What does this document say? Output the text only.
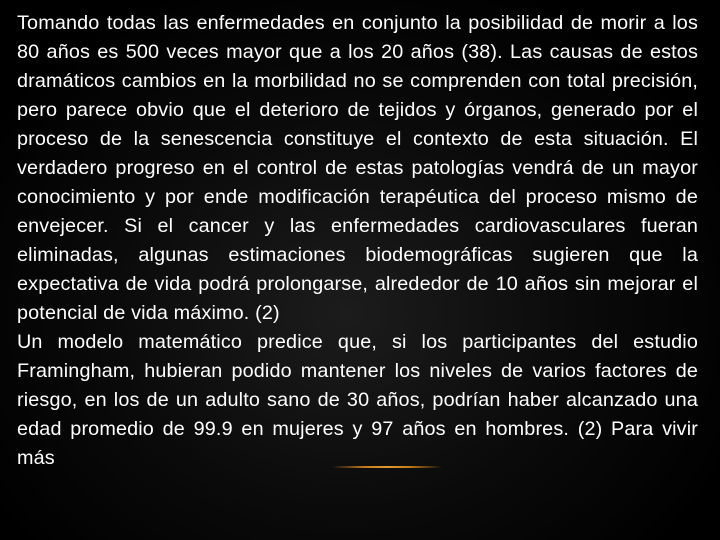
Tomando todas las enfermedades en conjunto la posibilidad de morir a los 80 años es 500 veces mayor que a los 20 años (38). Las causas de estos dramáticos cambios en la morbilidad no se comprenden con total precisión, pero parece obvio que el deterioro de tejidos y órganos, generado por el proceso de la senescencia constituye el contexto de esta situación. El verdadero progreso en el control de estas patologías vendrá de un mayor conocimiento y por ende modificación terapéutica del proceso mismo de envejecer. Si el cancer y las enfermedades cardiovasculares fueran eliminadas, algunas estimaciones biodemográficas sugieren que la expectativa de vida podrá prolongarse, alrededor de 10 años sin mejorar el potencial de vida máximo. (2)

Un modelo matemático predice que, si los participantes del estudio Framingham, hubieran podido mantener los niveles de varios factores de riesgo, en los de un adulto sano de 30 años, podrían haber alcanzado una edad promedio de 99.9 en mujeres y 97 años en hombres. (2) Para vivir más
